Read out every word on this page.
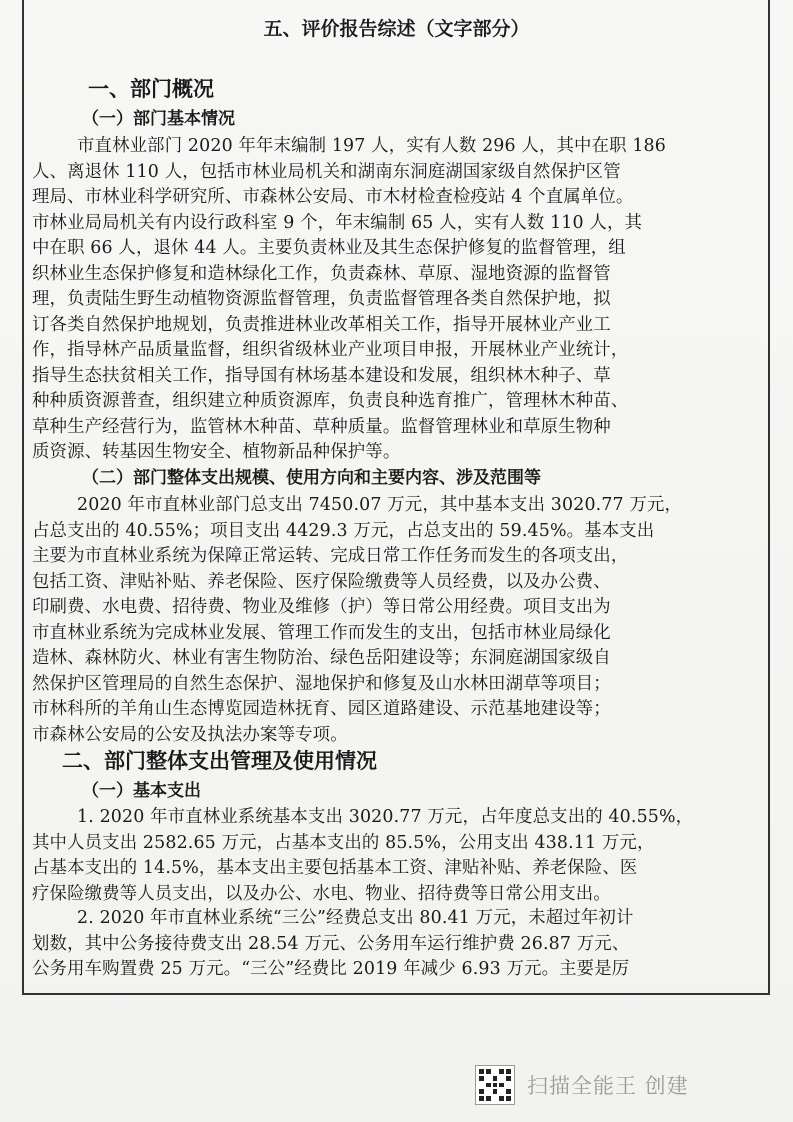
五、评价报告综述（文字部分）
一、部门概况
（一）部门基本情况
市直林业部门 2020 年年末编制 197 人，实有人数 296 人，其中在职 186
人、离退休 110 人，包括市林业局机关和湖南东洞庭湖国家级自然保护区管
理局、市林业科学研究所、市森林公安局、市木材检查检疫站 4 个直属单位。
市林业局局机关有内设行政科室 9 个，年末编制 65 人，实有人数 110 人，其
中在职 66 人，退休 44 人。主要负责林业及其生态保护修复的监督管理，组
织林业生态保护修复和造林绿化工作，负责森林、草原、湿地资源的监督管
理，负责陆生野生动植物资源监督管理，负责监督管理各类自然保护地，拟
订各类自然保护地规划，负责推进林业改革相关工作，指导开展林业产业工
作，指导林产品质量监督，组织省级林业产业项目申报，开展林业产业统计，
指导生态扶贫相关工作，指导国有林场基本建设和发展，组织林木种子、草
种种质资源普查，组织建立种质资源库，负责良种选育推广，管理林木种苗、
草种生产经营行为，监管林木种苗、草种质量。监督管理林业和草原生物种
质资源、转基因生物安全、植物新品种保护等。
（二）部门整体支出规模、使用方向和主要内容、涉及范围等
2020 年市直林业部门总支出 7450.07 万元，其中基本支出 3020.77 万元，
占总支出的 40.55%；项目支出 4429.3 万元，占总支出的 59.45%。基本支出
主要为市直林业系统为保障正常运转、完成日常工作任务而发生的各项支出，
包括工资、津贴补贴、养老保险、医疗保险缴费等人员经费，以及办公费、
印刷费、水电费、招待费、物业及维修（护）等日常公用经费。项目支出为
市直林业系统为完成林业发展、管理工作而发生的支出，包括市林业局绿化
造林、森林防火、林业有害生物防治、绿色岳阳建设等；东洞庭湖国家级自
然保护区管理局的自然生态保护、湿地保护和修复及山水林田湖草等项目；
市林科所的羊角山生态博览园造林抚育、园区道路建设、示范基地建设等；
市森林公安局的公安及执法办案等专项。
二、部门整体支出管理及使用情况
（一）基本支出
1. 2020 年市直林业系统基本支出 3020.77 万元，占年度总支出的 40.55%，
其中人员支出 2582.65 万元，占基本支出的 85.5%，公用支出 438.11 万元，
占基本支出的 14.5%，基本支出主要包括基本工资、津贴补贴、养老保险、医
疗保险缴费等人员支出，以及办公、水电、物业、招待费等日常公用支出。
2. 2020 年市直林业系统“三公”经费总支出 80.41 万元，未超过年初计
划数，其中公务接待费支出 28.54 万元、公务用车运行维护费 26.87 万元、
公务用车购置费 25 万元。“三公”经费比 2019 年减少 6.93 万元。主要是厉
扫描全能王 创建
